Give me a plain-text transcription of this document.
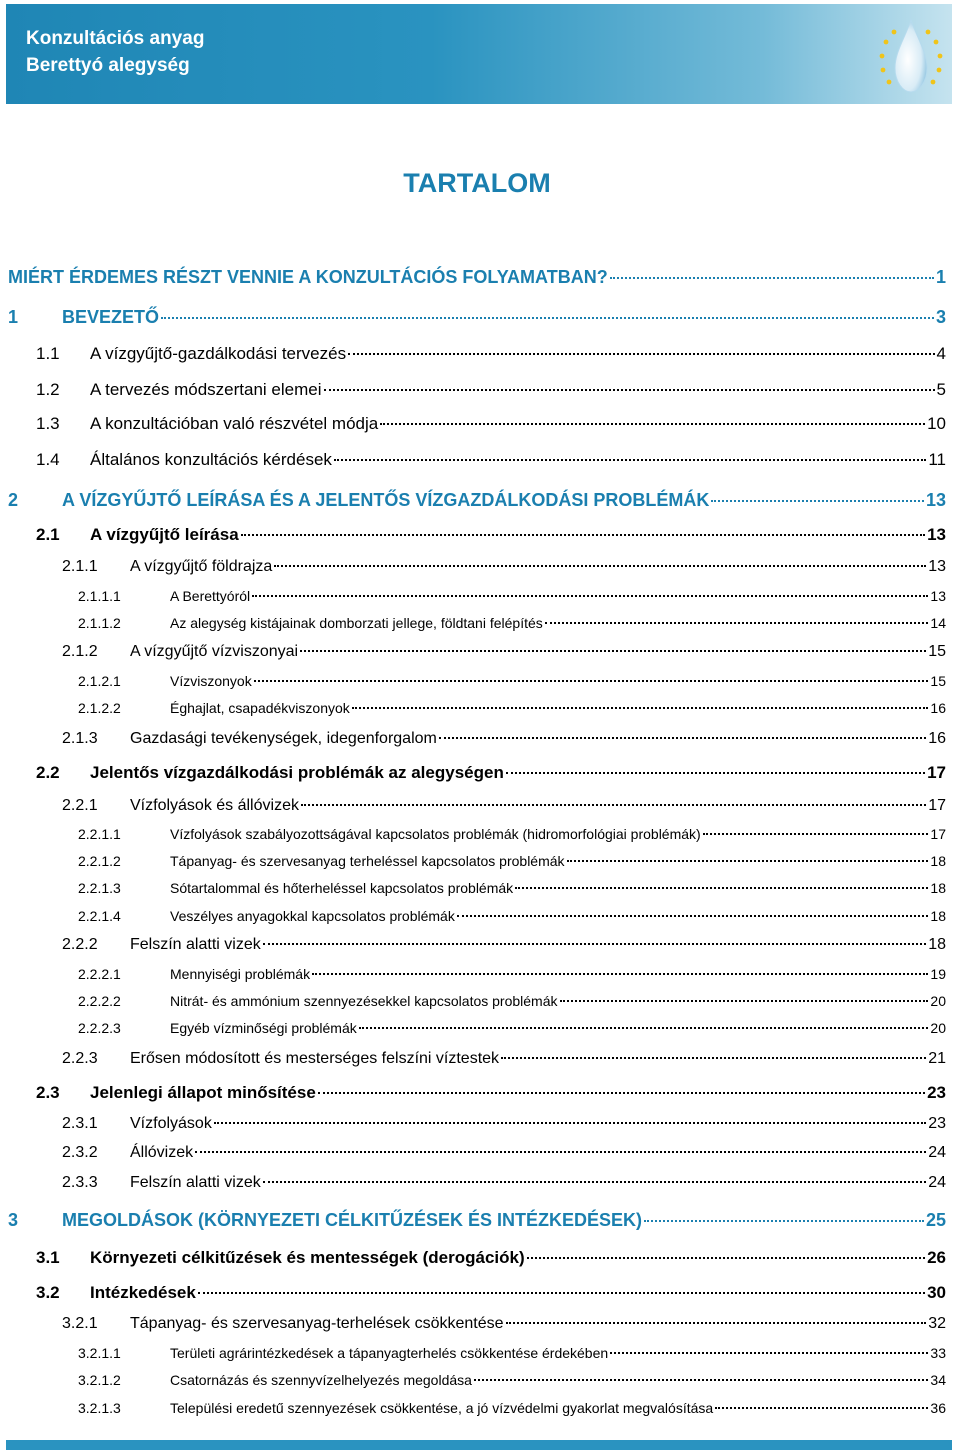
Konzultációs anyag
Berettyó alegység
TARTALOM
MIÉRT ÉRDEMES RÉSZT VENNIE A KONZULTÁCIÓS FOLYAMATBAN?	1
1	BEVEZETŐ	3
1.1	A vízgyűjtő-gazdálkodási tervezés	4
1.2	A tervezés módszertani elemei	5
1.3	A konzultációban való részvétel módja	10
1.4	Általános konzultációs kérdések	11
2	A VÍZGYŰJTŐ LEÍRÁSA ÉS A JELENTŐS VÍZGAZDÁLKODÁSI PROBLÉMÁK	13
2.1	A vízgyűjtő leírása	13
2.1.1	A vízgyűjtő földrajza	13
2.1.1.1	A Berettyóról	13
2.1.1.2	Az alegység kistájainak domborzati jellege, földtani felépítés	14
2.1.2	A vízgyűjtő vízviszonyai	15
2.1.2.1	Vízviszonyok	15
2.1.2.2	Éghajlat, csapadékviszonyok	16
2.1.3	Gazdasági tevékenységek, idegenforgalom	16
2.2	Jelentős vízgazdálkodási problémák az alegységen	17
2.2.1	Vízfolyások és állóvizek	17
2.2.1.1	Vízfolyások szabályozottságával kapcsolatos problémák (hidromorfológiai problémák)	17
2.2.1.2	Tápanyag- és szervesanyag terheléssel kapcsolatos problémák	18
2.2.1.3	Sótartalommal és hőterheléssel kapcsolatos problémák	18
2.2.1.4	Veszélyes anyagokkal kapcsolatos problémák	18
2.2.2	Felszín alatti vizek	18
2.2.2.1	Mennyiségi problémák	19
2.2.2.2	Nitrát- és ammónium szennyezésekkel kapcsolatos problémák	20
2.2.2.3	Egyéb vízminőségi problémák	20
2.2.3	Erősen módosított és mesterséges felszíni víztestek	21
2.3	Jelenlegi állapot minősítése	23
2.3.1	Vízfolyások	23
2.3.2	Állóvizek	24
2.3.3	Felszín alatti vizek	24
3	MEGOLDÁSOK (KÖRNYEZETI CÉLKITŰZÉSEK ÉS INTÉZKEDÉSEK)	25
3.1	Környezeti célkitűzések és mentességek (derogációk)	26
3.2	Intézkedések	30
3.2.1	Tápanyag- és szervesanyag-terhelések csökkentése	32
3.2.1.1	Területi agrárintézkedések a tápanyagterhelés csökkentése érdekében	33
3.2.1.2	Csatornázás és szennyvízelhelyezés megoldása	34
3.2.1.3	Települési eredetű szennyezések csökkentése, a jó vízvédelmi gyakorlat megvalósítása	36
